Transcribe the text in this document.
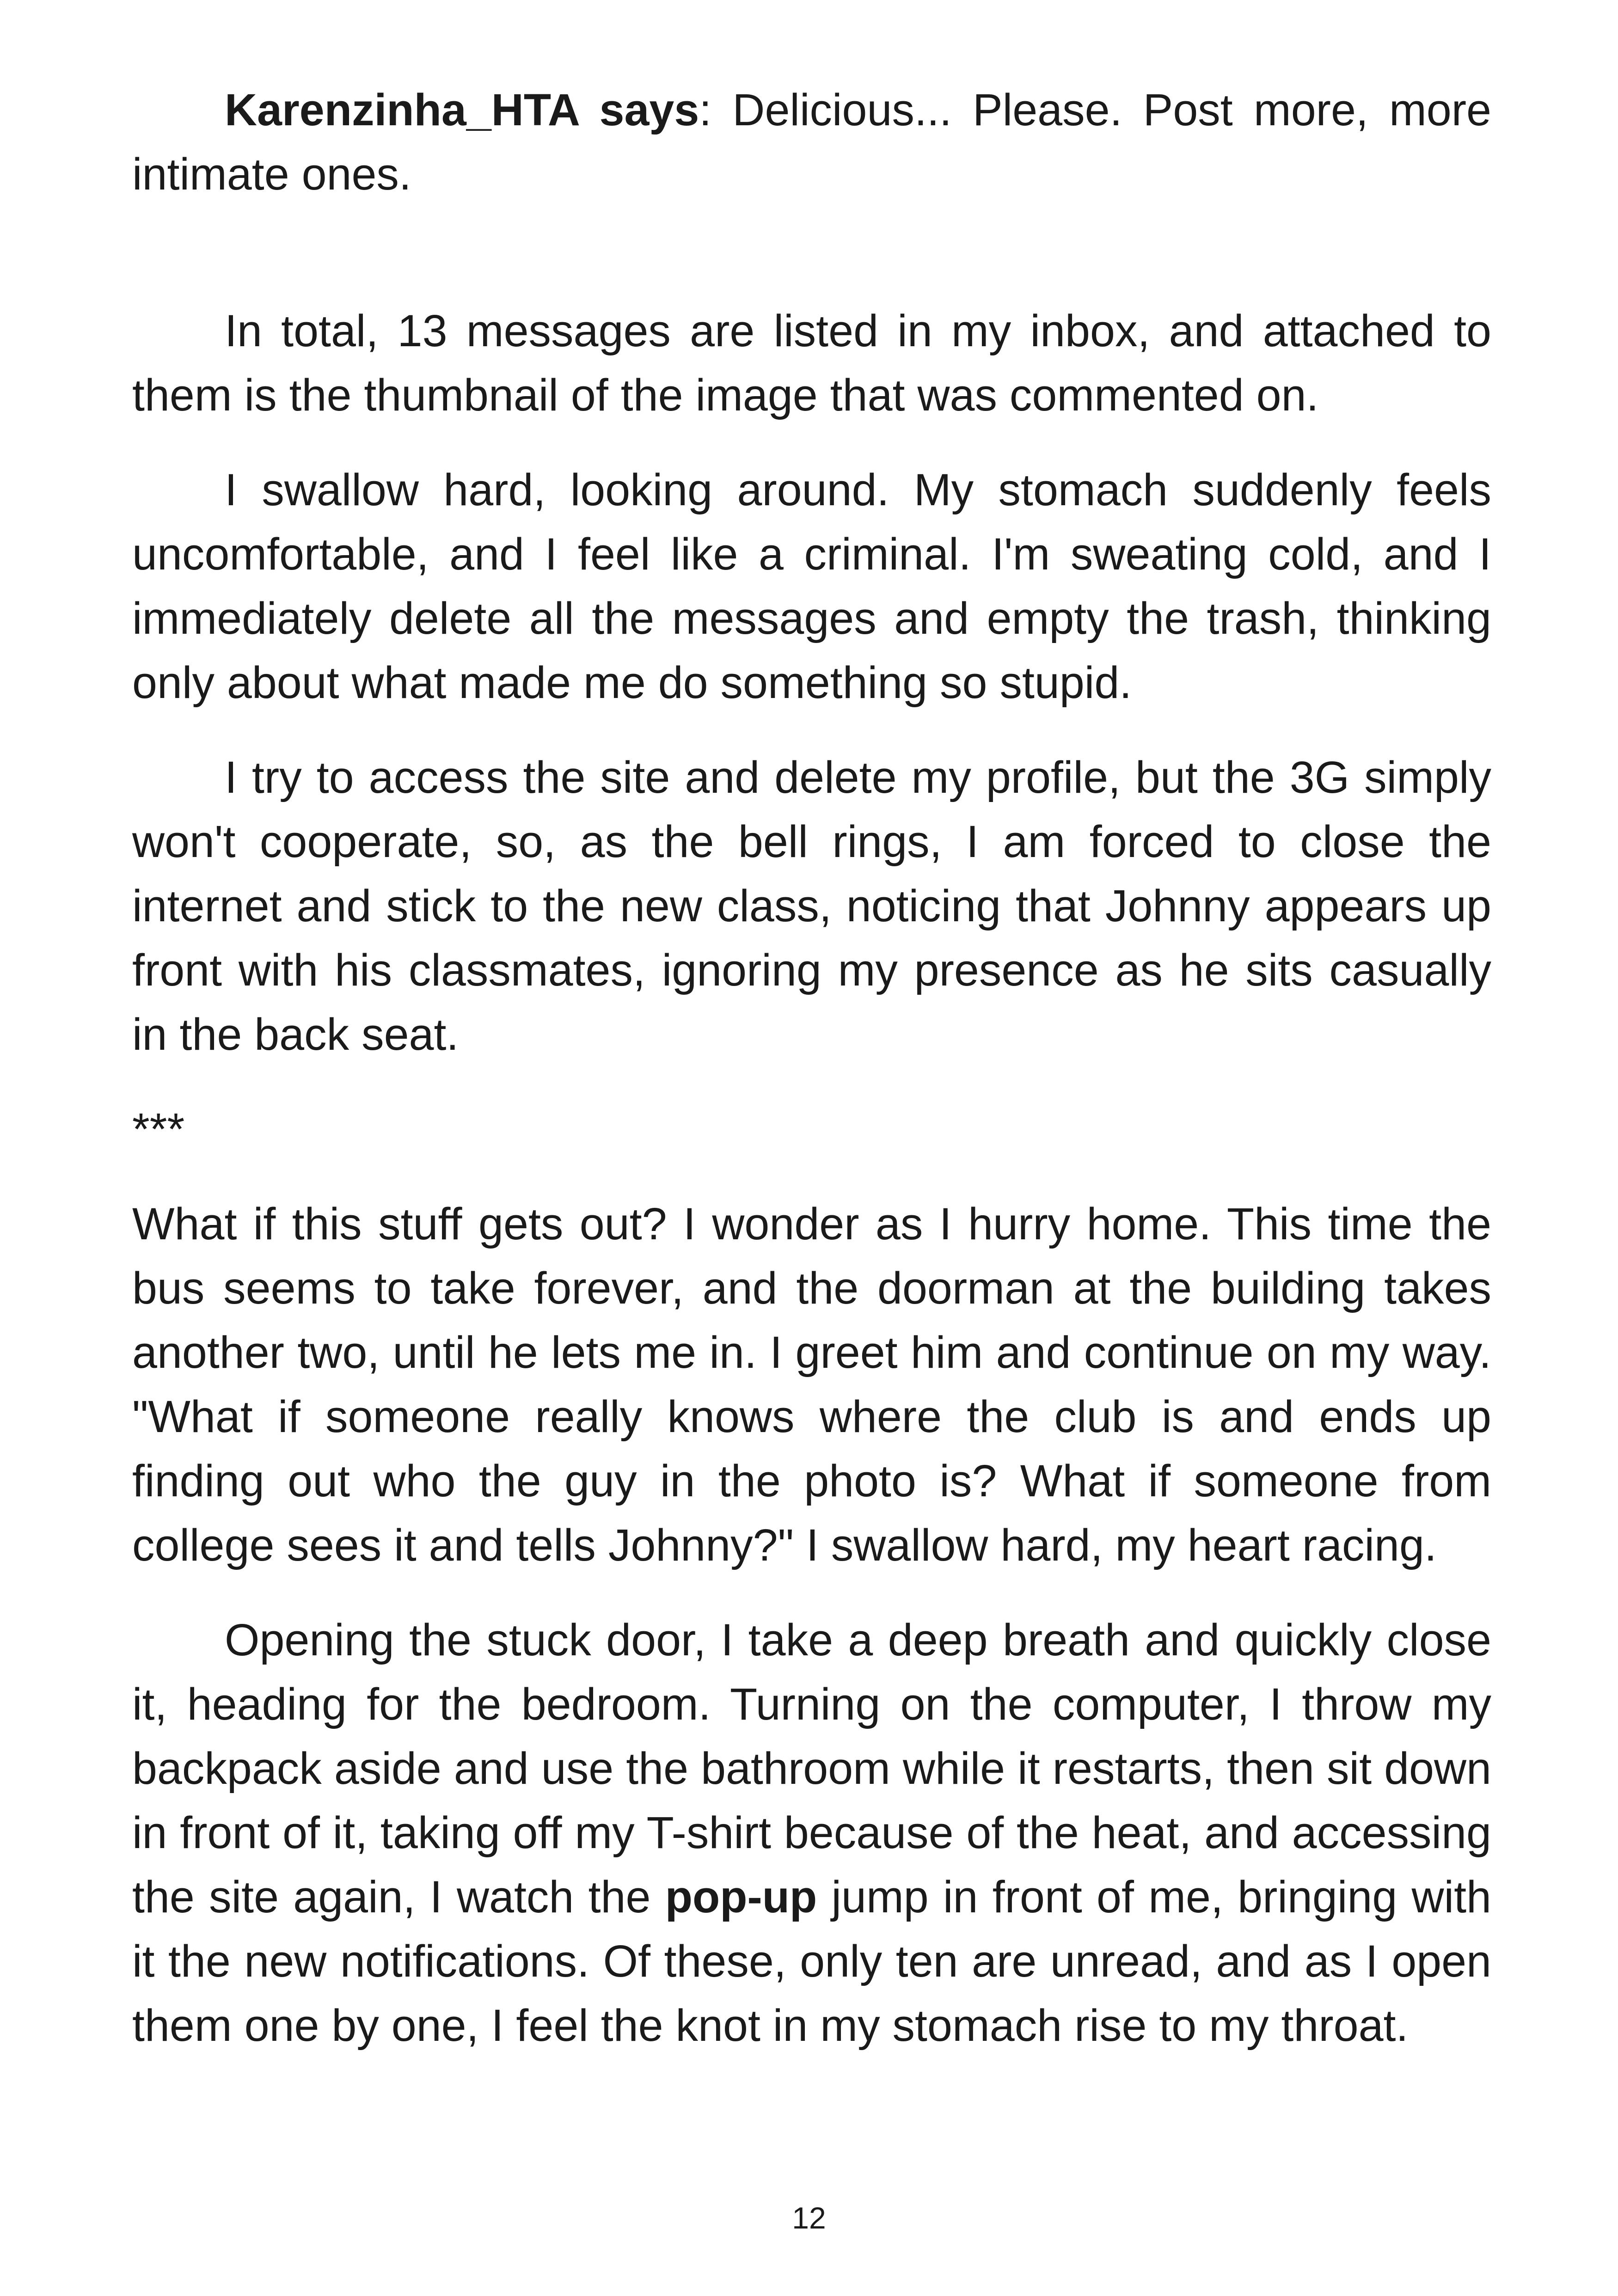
Karenzinha_HTA says: Delicious... Please. Post more, more intimate ones.

In total, 13 messages are listed in my inbox, and attached to them is the thumbnail of the image that was commented on.

I swallow hard, looking around. My stomach suddenly feels uncomfortable, and I feel like a criminal. I'm sweating cold, and I immediately delete all the messages and empty the trash, thinking only about what made me do something so stupid.

I try to access the site and delete my profile, but the 3G simply won't cooperate, so, as the bell rings, I am forced to close the internet and stick to the new class, noticing that Johnny appears up front with his classmates, ignoring my presence as he sits casually in the back seat.

***

What if this stuff gets out? I wonder as I hurry home. This time the bus seems to take forever, and the doorman at the building takes another two, until he lets me in. I greet him and continue on my way. "What if someone really knows where the club is and ends up finding out who the guy in the photo is? What if someone from college sees it and tells Johnny?" I swallow hard, my heart racing.

Opening the stuck door, I take a deep breath and quickly close it, heading for the bedroom. Turning on the computer, I throw my backpack aside and use the bathroom while it restarts, then sit down in front of it, taking off my T-shirt because of the heat, and accessing the site again, I watch the pop-up jump in front of me, bringing with it the new notifications. Of these, only ten are unread, and as I open them one by one, I feel the knot in my stomach rise to my throat.

12
